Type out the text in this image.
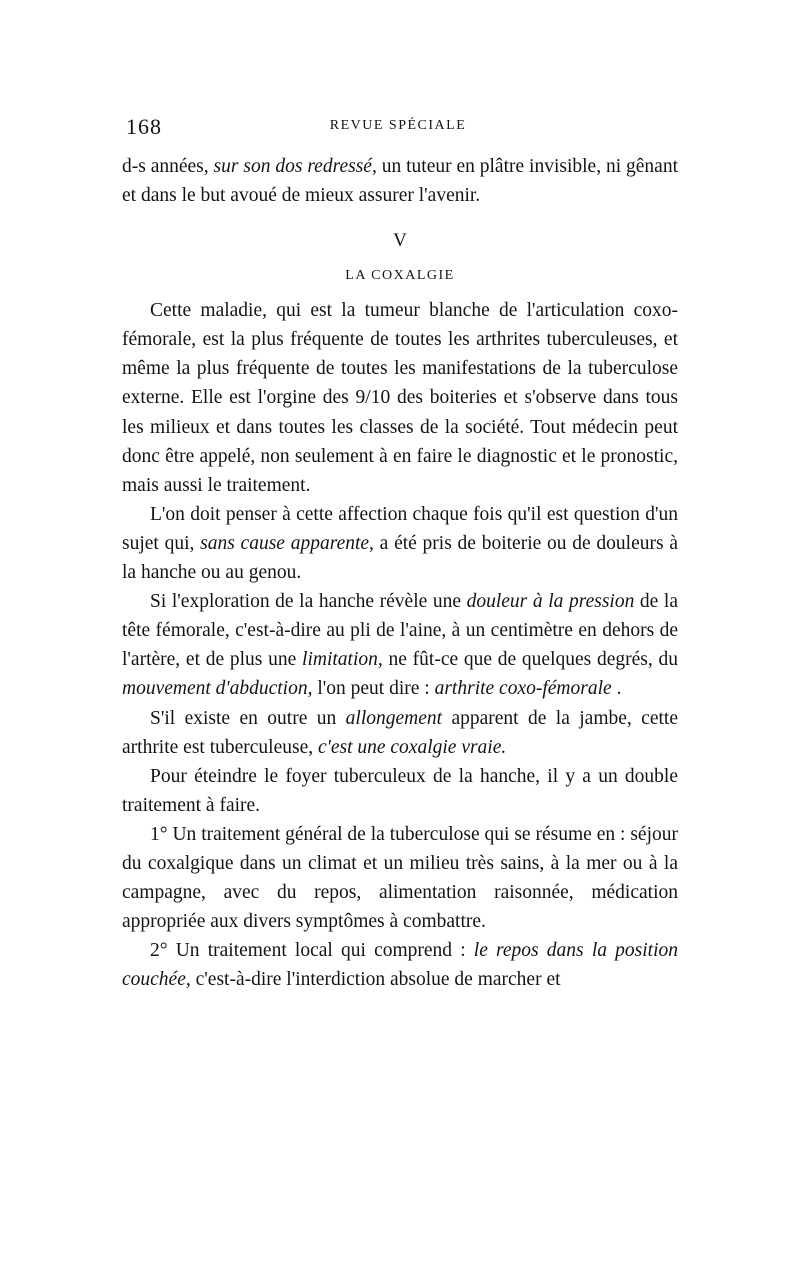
168	REVUE SPÉCIALE

d‑s années, sur son dos redressé, un tuteur en plâtre invisible, ni gênant et dans le but avoué de mieux assurer l'avenir.

V
LA COXALGIE

Cette maladie, qui est la tumeur blanche de l'articulation coxo-fémorale, est la plus fréquente de toutes les arthrites tuberculeuses, et même la plus fréquente de toutes les manifestations de la tuberculose externe. Elle est l'orgine des 9/10 des boiteries et s'observe dans tous les milieux et dans toutes les classes de la société. Tout médecin peut donc être appelé, non seulement à en faire le diagnostic et le pronostic, mais aussi le traitement.

L'on doit penser à cette affection chaque fois qu'il est question d'un sujet qui, sans cause apparente, a été pris de boiterie ou de douleurs à la hanche ou au genou.

Si l'exploration de la hanche révèle une douleur à la pression de la tête fémorale, c'est-à-dire au pli de l'aine, à un centimètre en dehors de l'artère, et de plus une limitation, ne fût-ce que de quelques degrés, du mouvement d'abduction, l'on peut dire : arthrite coxo-fémorale .

S'il existe en outre un allongement apparent de la jambe, cette arthrite est tuberculeuse, c'est une coxalgie vraie.

Pour éteindre le foyer tuberculeux de la hanche, il y a un double traitement à faire.

1° Un traitement général de la tuberculose qui se résume en : séjour du coxalgique dans un climat et un milieu très sains, à la mer ou à la campagne, avec du repos, alimentation raisonnée, médication appropriée aux divers symptômes à combattre.

2° Un traitement local qui comprend : le repos dans la position couchée, c'est-à-dire l'interdiction absolue de marcher et
